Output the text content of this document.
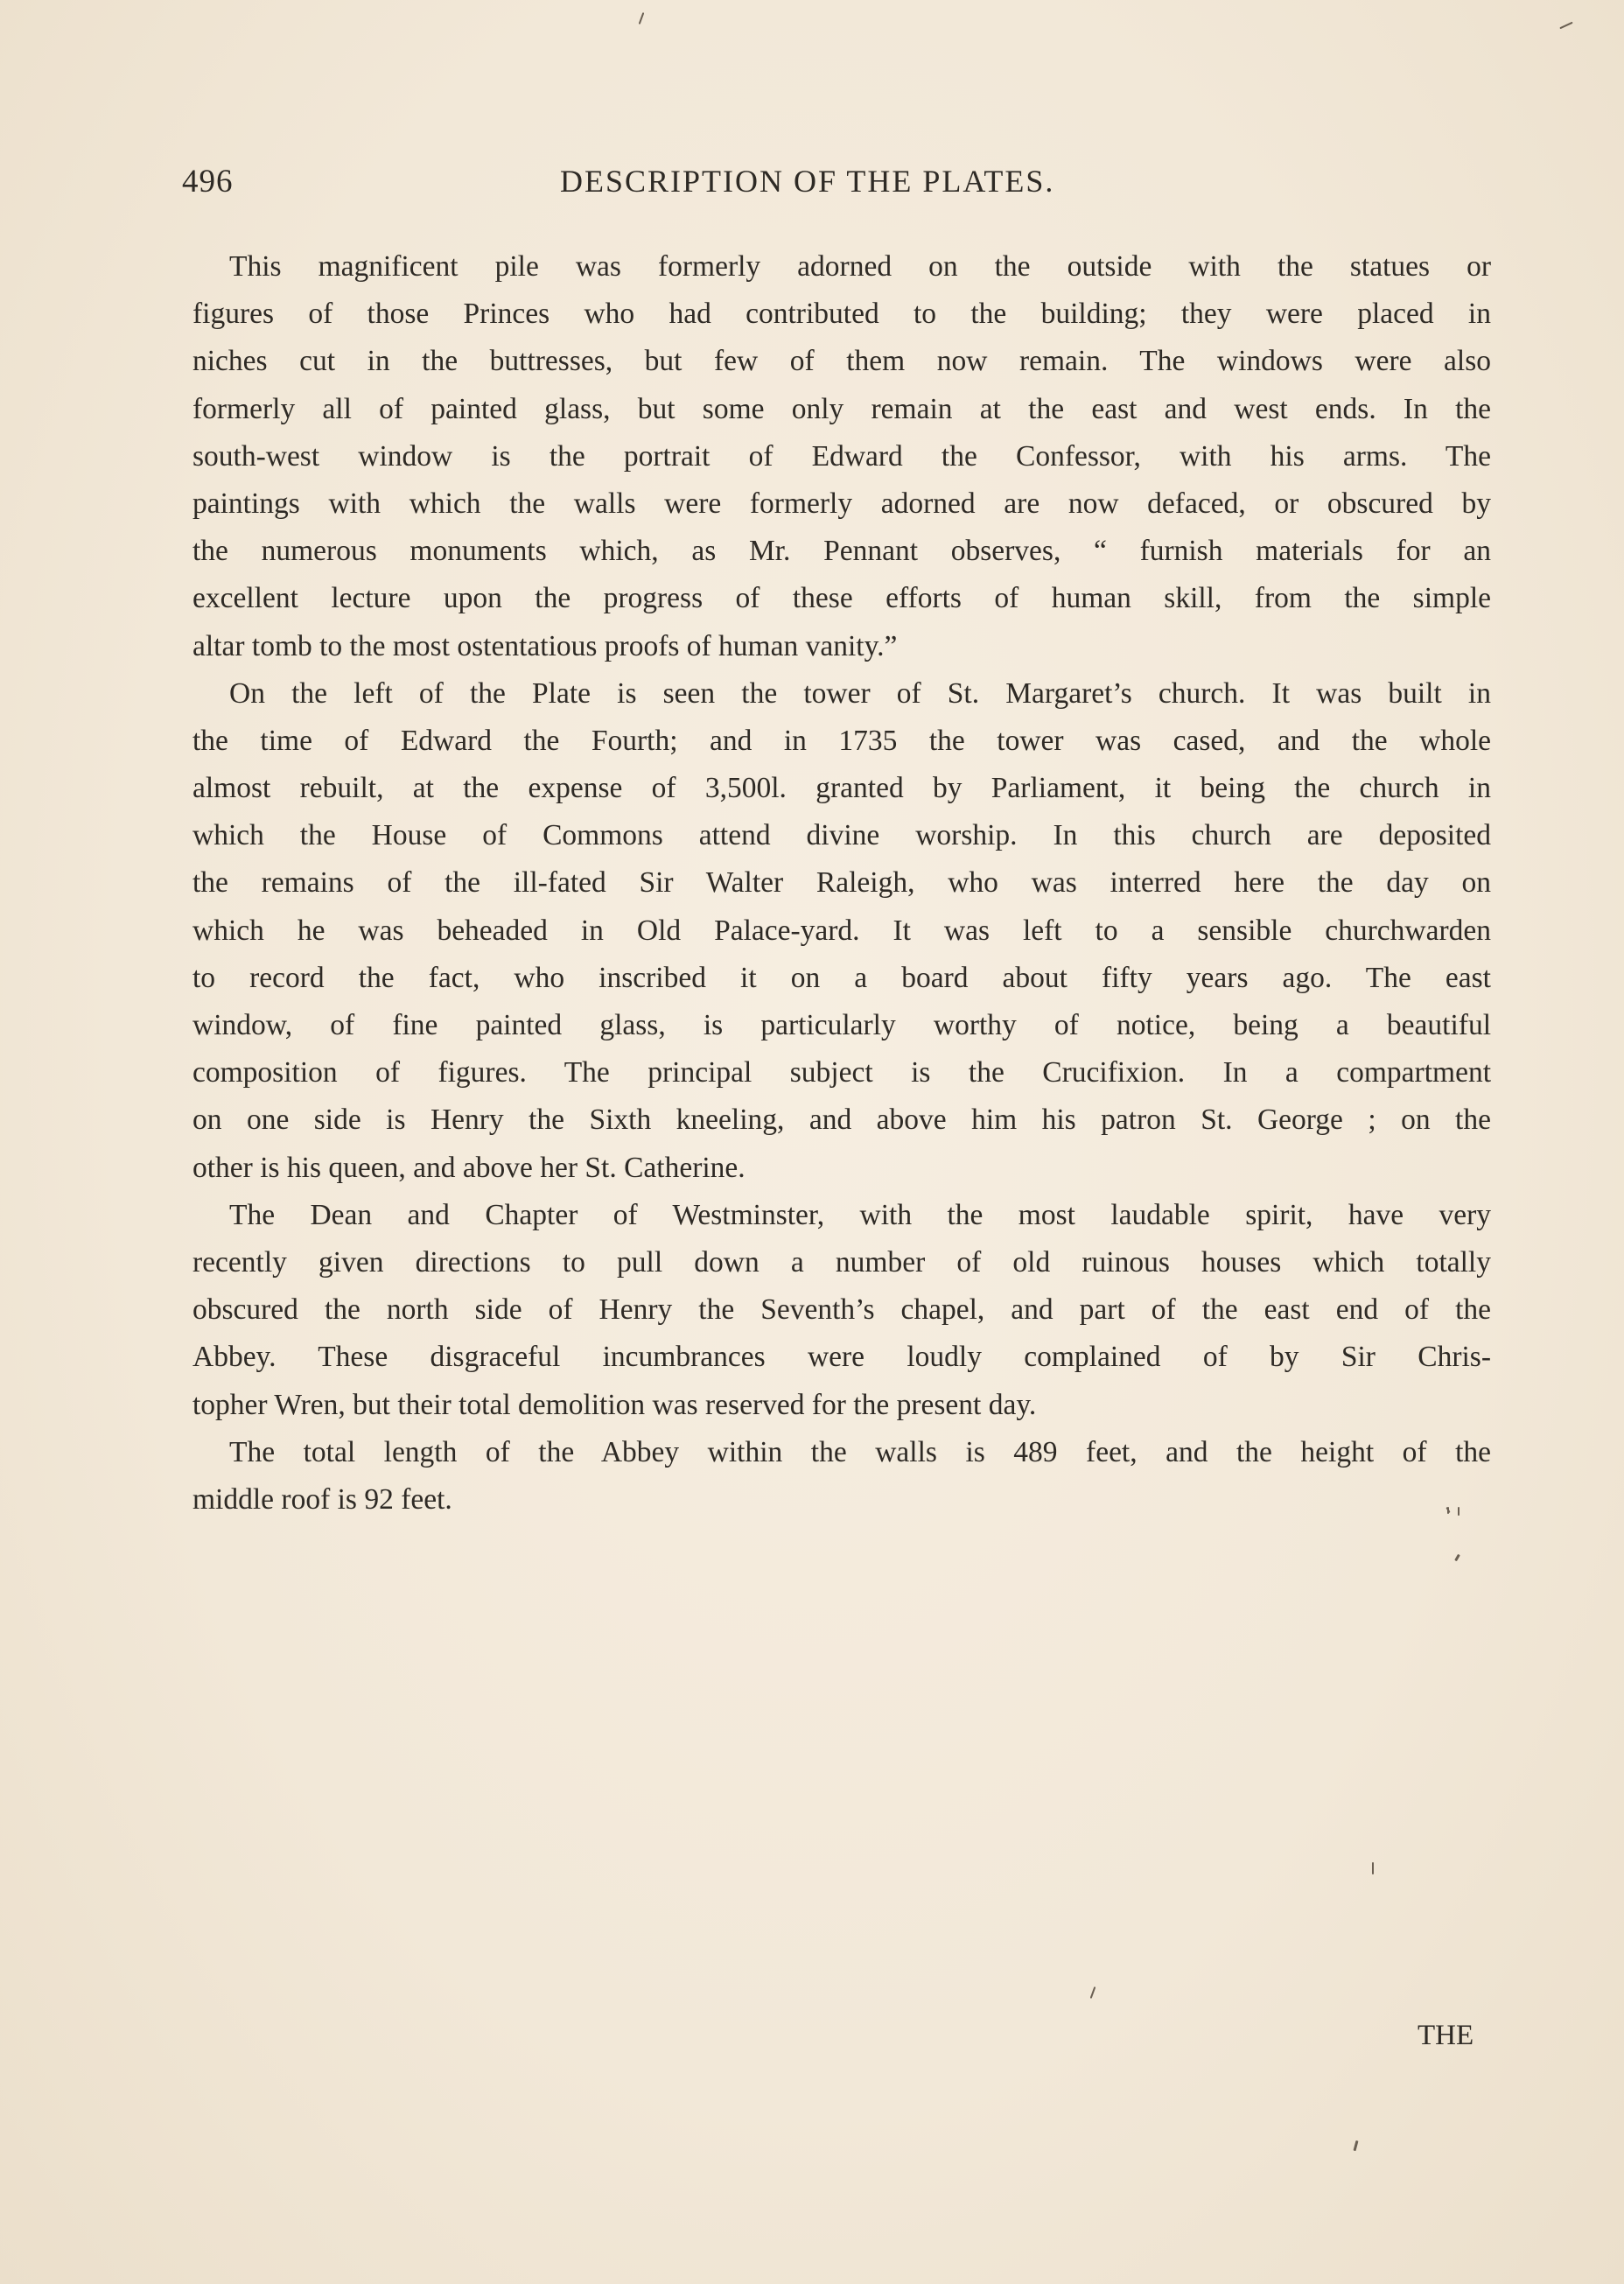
496	DESCRIPTION OF THE PLATES.
This magnificent pile was formerly adorned on the outside with the statues or
figures of those Princes who had contributed to the building; they were placed in
niches cut in the buttresses, but few of them now remain. The windows were also
formerly all of painted glass, but some only remain at the east and west ends. In the
south-west window is the portrait of Edward the Confessor, with his arms. The
paintings with which the walls were formerly adorned are now defaced, or obscured by
the numerous monuments which, as Mr. Pennant observes, “ furnish materials for an
excellent lecture upon the progress of these efforts of human skill, from the simple
altar tomb to the most ostentatious proofs of human vanity.”
On the left of the Plate is seen the tower of St. Margaret’s church. It was built in
the time of Edward the Fourth; and in 1735 the tower was cased, and the whole
almost rebuilt, at the expense of 3,500l. granted by Parliament, it being the church in
which the House of Commons attend divine worship. In this church are deposited
the remains of the ill-fated Sir Walter Raleigh, who was interred here the day on
which he was beheaded in Old Palace-yard. It was left to a sensible churchwarden
to record the fact, who inscribed it on a board about fifty years ago. The east
window, of fine painted glass, is particularly worthy of notice, being a beautiful
composition of figures. The principal subject is the Crucifixion. In a compartment
on one side is Henry the Sixth kneeling, and above him his patron St. George ; on the
other is his queen, and above her St. Catherine.
The Dean and Chapter of Westminster, with the most laudable spirit, have very
recently given directions to pull down a number of old ruinous houses which totally
obscured the north side of Henry the Seventh’s chapel, and part of the east end of the
Abbey. These disgraceful incumbrances were loudly complained of by Sir Chris-
topher Wren, but their total demolition was reserved for the present day.
The total length of the Abbey within the walls is 489 feet, and the height of the
middle roof is 92 feet.
THE
